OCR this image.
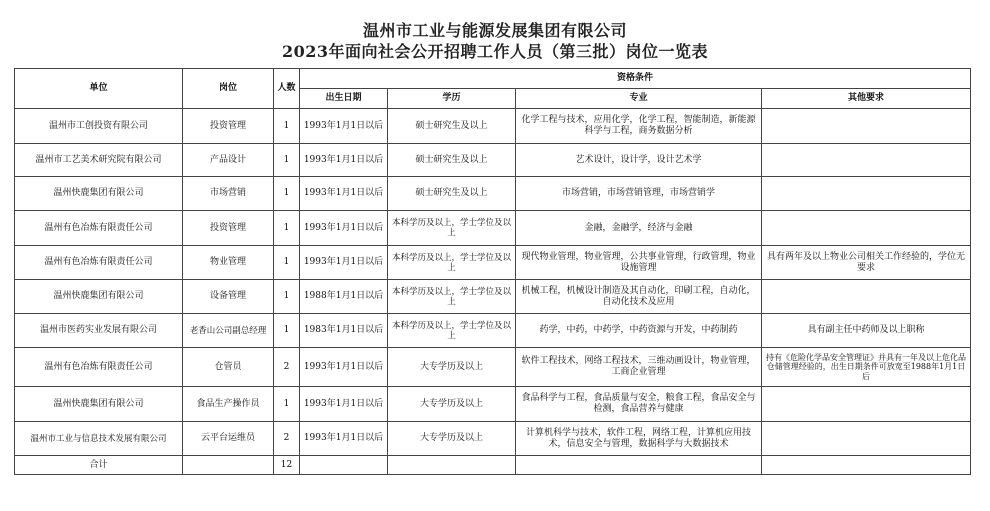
温州市工业与能源发展集团有限公司
2023年面向社会公开招聘工作人员（第三批）岗位一览表
单位	岗位	人数	资格条件			
			出生日期	学历	专业	其他要求
温州市工创投资有限公司	投资管理	1	1993年1月1日以后	硕士研究生及以上	化学工程与技术，应用化学，化学工程，智能制造，新能源科学与工程，商务数据分析	
温州市工艺美术研究院有限公司	产品设计	1	1993年1月1日以后	硕士研究生及以上	艺术设计，设计学，设计艺术学	
温州快鹿集团有限公司	市场营销	1	1993年1月1日以后	硕士研究生及以上	市场营销，市场营销管理，市场营销学	
温州有色冶炼有限责任公司	投资管理	1	1993年1月1日以后	本科学历及以上，学士学位及以上	金融，金融学，经济与金融	
温州有色冶炼有限责任公司	物业管理	1	1993年1月1日以后	本科学历及以上，学士学位及以上	现代物业管理，物业管理，公共事业管理，行政管理，物业设施管理	具有两年及以上物业公司相关工作经验的，学位无要求
温州快鹿集团有限公司	设备管理	1	1988年1月1日以后	本科学历及以上，学士学位及以上	机械工程，机械设计制造及其自动化，印刷工程，自动化，自动化技术及应用	
温州市医药实业发展有限公司	老香山公司副总经理	1	1983年1月1日以后	本科学历及以上，学士学位及以上	药学，中药，中药学，中药资源与开发，中药制药	具有副主任中药师及以上职称
温州有色冶炼有限责任公司	仓管员	2	1993年1月1日以后	大专学历及以上	软件工程技术，网络工程技术，三维动画设计，物业管理，工商企业管理	持有《危险化学品安全管理证》并具有一年及以上危化品仓储管理经验的，出生日期条件可放宽至1988年1月1日后
温州快鹿集团有限公司	食品生产操作员	1	1993年1月1日以后	大专学历及以上	食品科学与工程，食品质量与安全，粮食工程，食品安全与检测，食品营养与健康	
温州市工业与信息技术发展有限公司	云平台运维员	2	1993年1月1日以后	大专学历及以上	计算机科学与技术，软件工程，网络工程，计算机应用技术，信息安全与管理，数据科学与大数据技术	
合计		12				
